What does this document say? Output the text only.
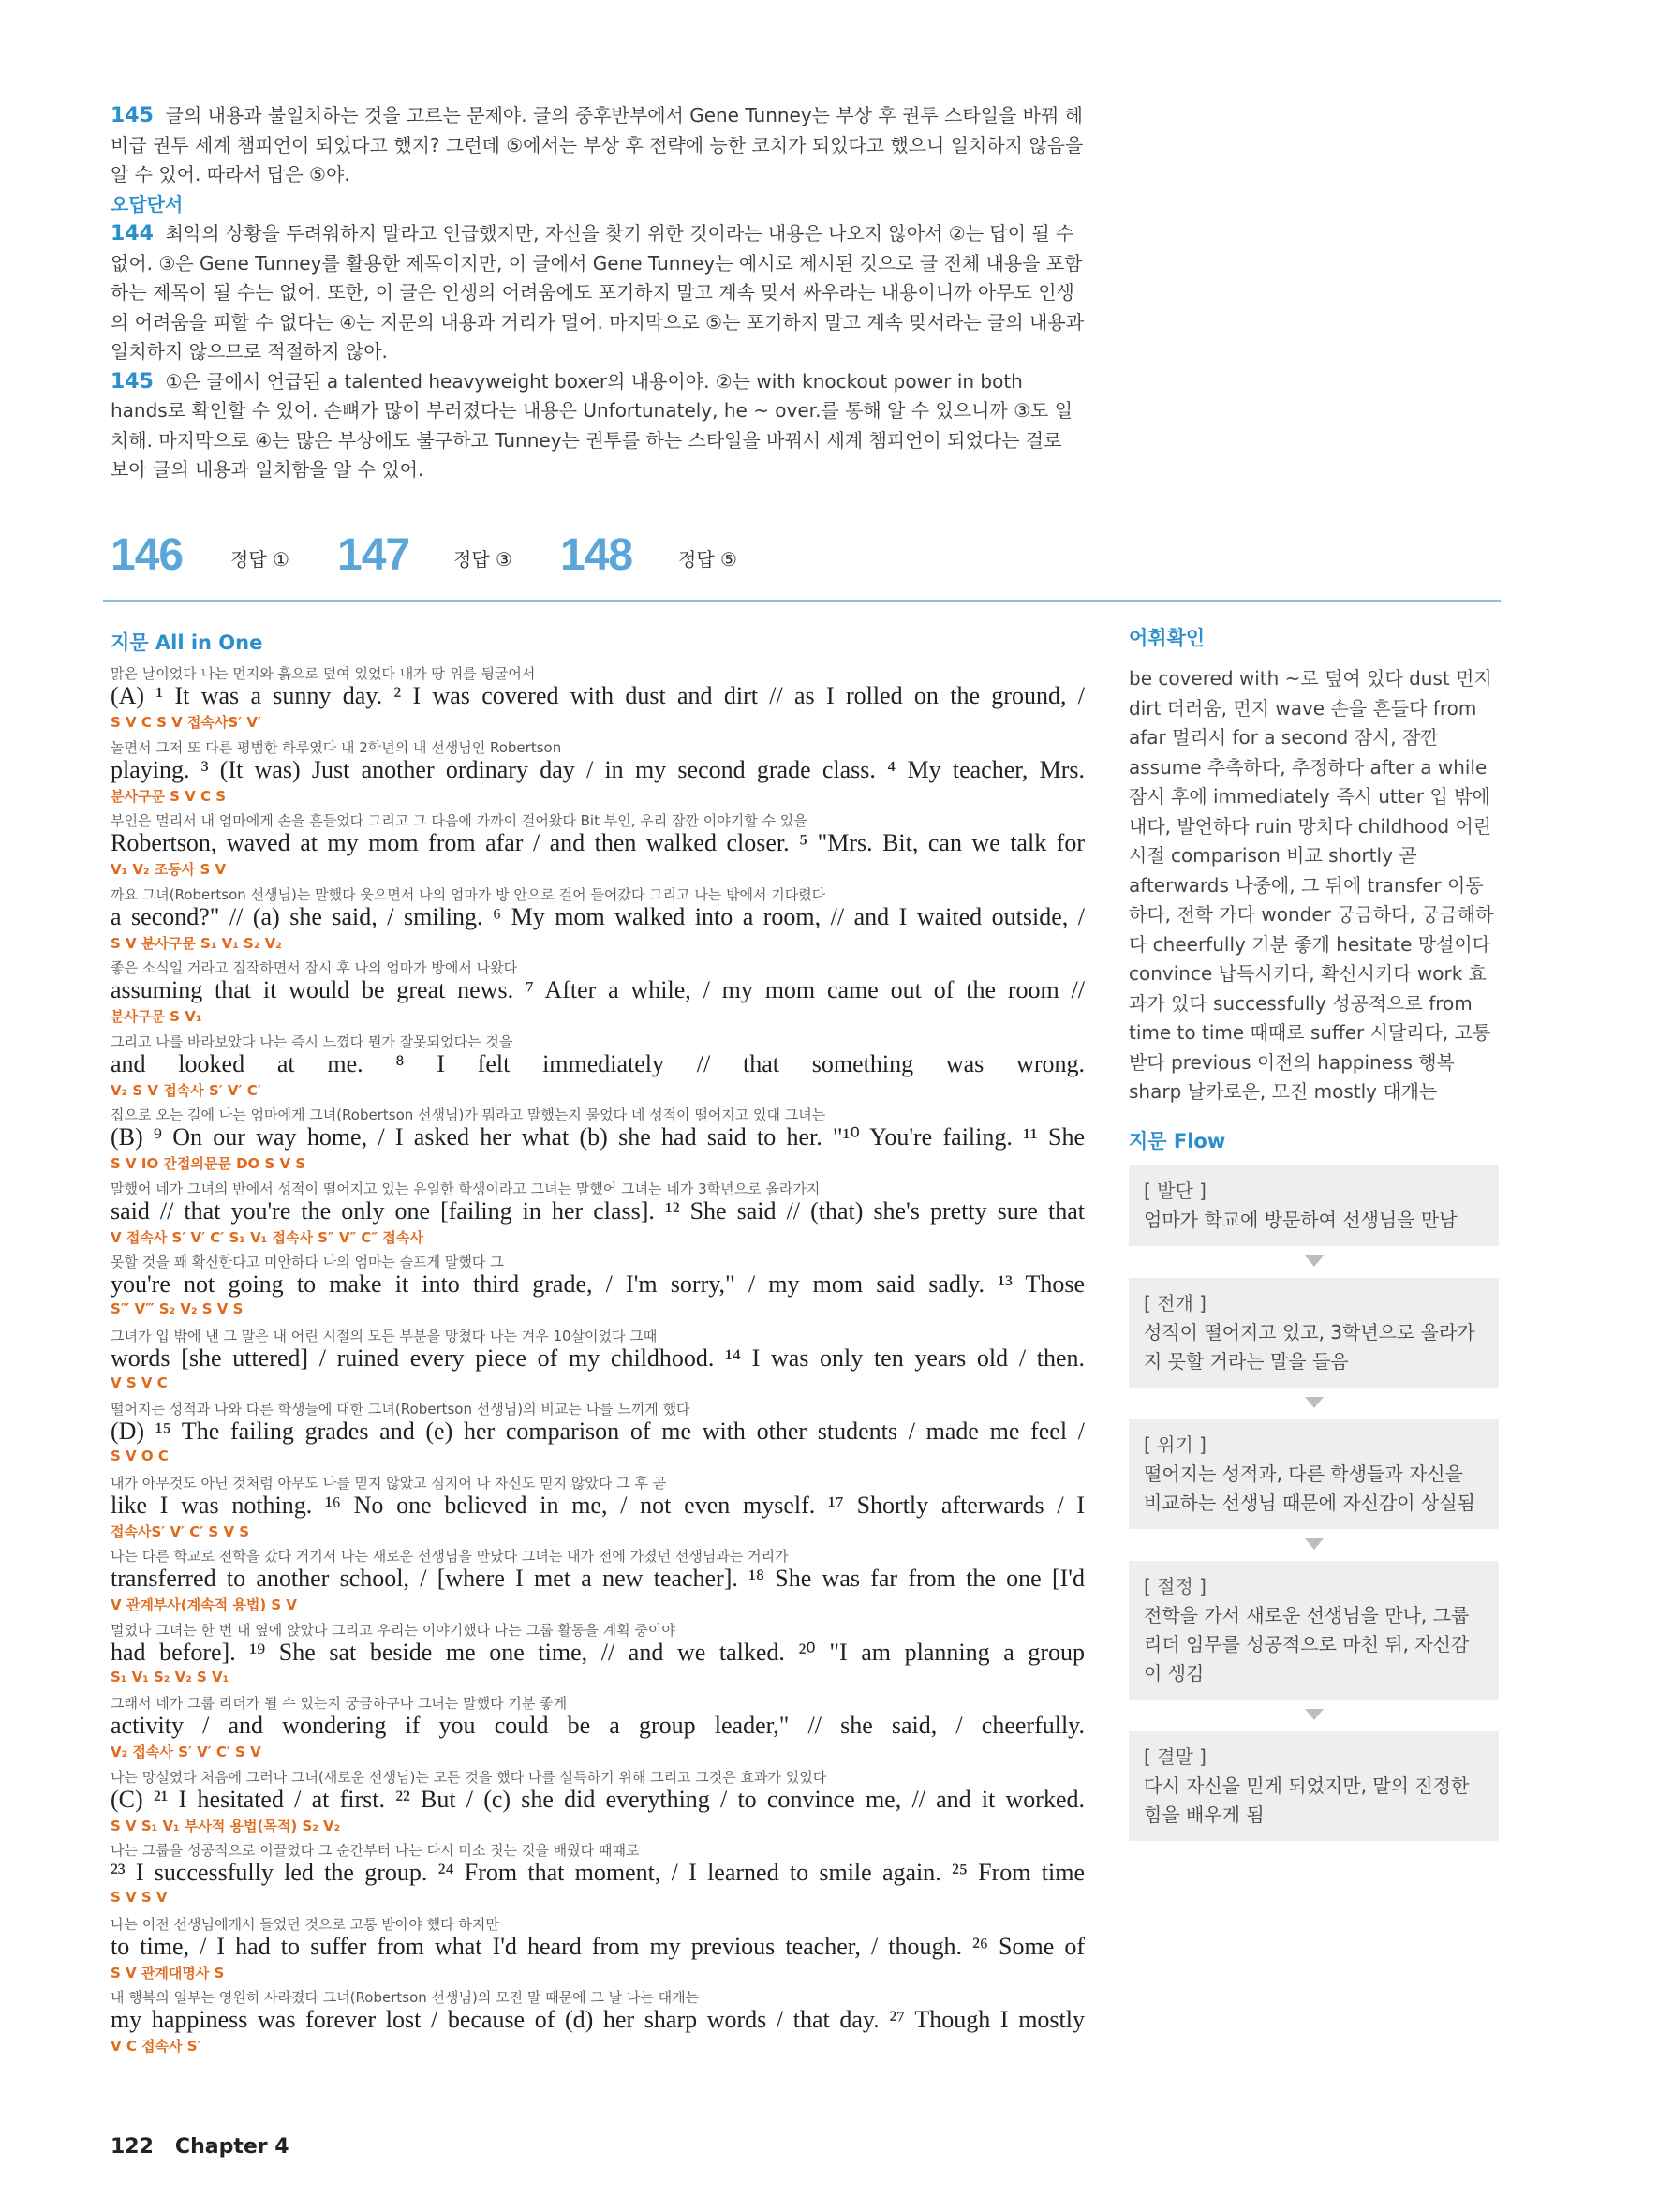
145 글의 내용과 불일치하는 것을 고르는 문제야. 글의 중후반부에서 Gene Tunney는 부상 후 권투 스타일을 바꿔 헤비급 권투 세계 챔피언이 되었다고 했지? 그런데 ⑤에서는 부상 후 전략에 능한 코치가 되었다고 했으니 일치하지 않음을 알 수 있어. 따라서 답은 ⑤야.

오답단서

144 최악의 상황을 두려워하지 말라고 언급했지만, 자신을 찾기 위한 것이라는 내용은 나오지 않아서 ②는 답이 될 수 없어. ③은 Gene Tunney를 활용한 제목이지만, 이 글에서 Gene Tunney는 예시로 제시된 것으로 글 전체 내용을 포함하는 제목이 될 수는 없어. 또한, 이 글은 인생의 어려움에도 포기하지 말고 계속 맞서 싸우라는 내용이니까 아무도 인생의 어려움을 피할 수 없다는 ④는 지문의 내용과 거리가 멀어. 마지막으로 ⑤는 포기하지 말고 계속 맞서라는 글의 내용과 일치하지 않으므로 적절하지 않아.

145 ①은 글에서 언급된 a talented heavyweight boxer의 내용이야. ②는 with knockout power in both hands로 확인할 수 있어. 손뼈가 많이 부러졌다는 내용은 Unfortunately, he ~ over.를 통해 알 수 있으니까 ③도 일치해. 마지막으로 ④는 많은 부상에도 불구하고 Tunney는 권투를 하는 스타일을 바꿔서 세계 챔피언이 되었다는 걸로 보아 글의 내용과 일치함을 알 수 있어.

146	정답 ① 147 정답 ③ 148 정답 ⑤
지문 All in One
맑은 날이었다 나는 먼지와 흙으로 덮여 있었다 내가 땅 위를 뒹굴어서
(A) ¹ It was a sunny day. ² I was covered with dust and dirt // as I rolled on the ground, /
S V C S V 접속사S′ V′
놀면서 그저 또 다른 평범한 하루였다 내 2학년의 내 선생님인 Robertson
playing. ³ (It was) Just another ordinary day / in my second grade class. ⁴ My teacher, Mrs.
분사구문 S V C S
부인은 멀리서 내 엄마에게 손을 흔들었다 그리고 그 다음에 가까이 걸어왔다 Bit 부인, 우리 잠깐 이야기할 수 있을
Robertson, waved at my mom from afar / and then walked closer. ⁵ "Mrs. Bit, can we talk for
V₁ V₂ 조동사 S V
까요 그녀(Robertson 선생님)는 말했다 웃으면서 나의 엄마가 방 안으로 걸어 들어갔다 그리고 나는 밖에서 기다렸다
a second?" // (a) she said, / smiling. ⁶ My mom walked into a room, // and I waited outside, /
S V 분사구문 S₁ V₁ S₂ V₂
좋은 소식일 거라고 짐작하면서 잠시 후 나의 엄마가 방에서 나왔다
assuming that it would be great news. ⁷ After a while, / my mom came out of the room //
분사구문 S V₁
그리고 나를 바라보았다 나는 즉시 느꼈다 뭔가 잘못되었다는 것을
and looked at me. ⁸ I felt immediately // that something was wrong.
V₂ S V 접속사 S′ V′ C′
집으로 오는 길에 나는 엄마에게 그녀(Robertson 선생님)가 뭐라고 말했는지 물었다 네 성적이 떨어지고 있대 그녀는
(B) ⁹ On our way home, / I asked her what (b) she had said to her. "¹⁰ You're failing. ¹¹ She
S V IO 간접의문문 DO S V S
말했어 네가 그녀의 반에서 성적이 떨어지고 있는 유일한 학생이라고 그녀는 말했어 그녀는 네가 3학년으로 올라가지
said // that you're the only one [failing in her class]. ¹² She said // (that) she's pretty sure that
V 접속사 S′ V′ C′ S₁ V₁ 접속사 S″ V″ C″ 접속사
못할 것을 꽤 확신한다고 미안하다 나의 엄마는 슬프게 말했다 그
you're not going to make it into third grade, / I'm sorry," / my mom said sadly. ¹³ Those
S‴ V‴ S₂ V₂ S V S
그녀가 입 밖에 낸 그 말은 내 어린 시절의 모든 부분을 망쳤다 나는 겨우 10살이었다 그때
words [she uttered] / ruined every piece of my childhood. ¹⁴ I was only ten years old / then.
V S V C
떨어지는 성적과 나와 다른 학생들에 대한 그녀(Robertson 선생님)의 비교는 나를 느끼게 했다
(D) ¹⁵ The failing grades and (e) her comparison of me with other students / made me feel /
S V O C
내가 아무것도 아닌 것처럼 아무도 나를 믿지 않았고 심지어 나 자신도 믿지 않았다 그 후 곧
like I was nothing. ¹⁶ No one believed in me, / not even myself. ¹⁷ Shortly afterwards / I
접속사S′ V′ C′ S V S
나는 다른 학교로 전학을 갔다 거기서 나는 새로운 선생님을 만났다 그녀는 내가 전에 가졌던 선생님과는 거리가
transferred to another school, / [where I met a new teacher]. ¹⁸ She was far from the one [I'd
V 관계부사(계속적 용법) S V
멀었다 그녀는 한 번 내 옆에 앉았다 그리고 우리는 이야기했다 나는 그룹 활동을 계획 중이야
had before]. ¹⁹ She sat beside me one time, // and we talked. ²⁰ "I am planning a group
S₁ V₁ S₂ V₂ S V₁
그래서 네가 그룹 리더가 될 수 있는지 궁금하구나 그녀는 말했다 기분 좋게
activity / and wondering if you could be a group leader," // she said, / cheerfully.
V₂ 접속사 S′ V′ C′ S V
나는 망설였다 처음에 그러나 그녀(새로운 선생님)는 모든 것을 했다 나를 설득하기 위해 그리고 그것은 효과가 있었다
(C) ²¹ I hesitated / at first. ²² But / (c) she did everything / to convince me, // and it worked.
S V S₁ V₁ 부사적 용법(목적) S₂ V₂
나는 그룹을 성공적으로 이끌었다 그 순간부터 나는 다시 미소 짓는 것을 배웠다 때때로
²³ I successfully led the group. ²⁴ From that moment, / I learned to smile again. ²⁵ From time
S V S V
나는 이전 선생님에게서 들었던 것으로 고통 받아야 했다 하지만
to time, / I had to suffer from what I'd heard from my previous teacher, / though. ²⁶ Some of
S V 관계대명사 S
내 행복의 일부는 영원히 사라졌다 그녀(Robertson 선생님)의 모진 말 때문에 그 날 나는 대개는
my happiness was forever lost / because of (d) her sharp words / that day. ²⁷ Though I mostly
V C 접속사 S′
어휘확인
be covered with ~로 덮여 있다 dust 먼지 dirt 더러움, 먼지 wave 손을 흔들다 from afar 멀리서 for a second 잠시, 잠깐 assume 추측하다, 추정하다 after a while 잠시 후에 immediately 즉시 utter 입 밖에 내다, 발언하다 ruin 망치다 childhood 어린 시절 comparison 비교 shortly 곧 afterwards 나중에, 그 뒤에 transfer 이동하다, 전학 가다 wonder 궁금하다, 궁금해하다 cheerfully 기분 좋게 hesitate 망설이다 convince 납득시키다, 확신시키다 work 효과가 있다 successfully 성공적으로 from time to time 때때로 suffer 시달리다, 고통 받다 previous 이전의 happiness 행복 sharp 날카로운, 모진 mostly 대개는
지문 Flow
[ 발단 ]
엄마가 학교에 방문하여 선생님을 만남
[ 전개 ]
성적이 떨어지고 있고, 3학년으로 올라가지 못할 거라는 말을 들음
[ 위기 ]
떨어지는 성적과, 다른 학생들과 자신을 비교하는 선생님 때문에 자신감이 상실됨
[ 절정 ]
전학을 가서 새로운 선생님을 만나, 그룹 리더 임무를 성공적으로 마친 뒤, 자신감이 생김
[ 결말 ]
다시 자신을 믿게 되었지만, 말의 진정한 힘을 배우게 됨
122 Chapter 4
